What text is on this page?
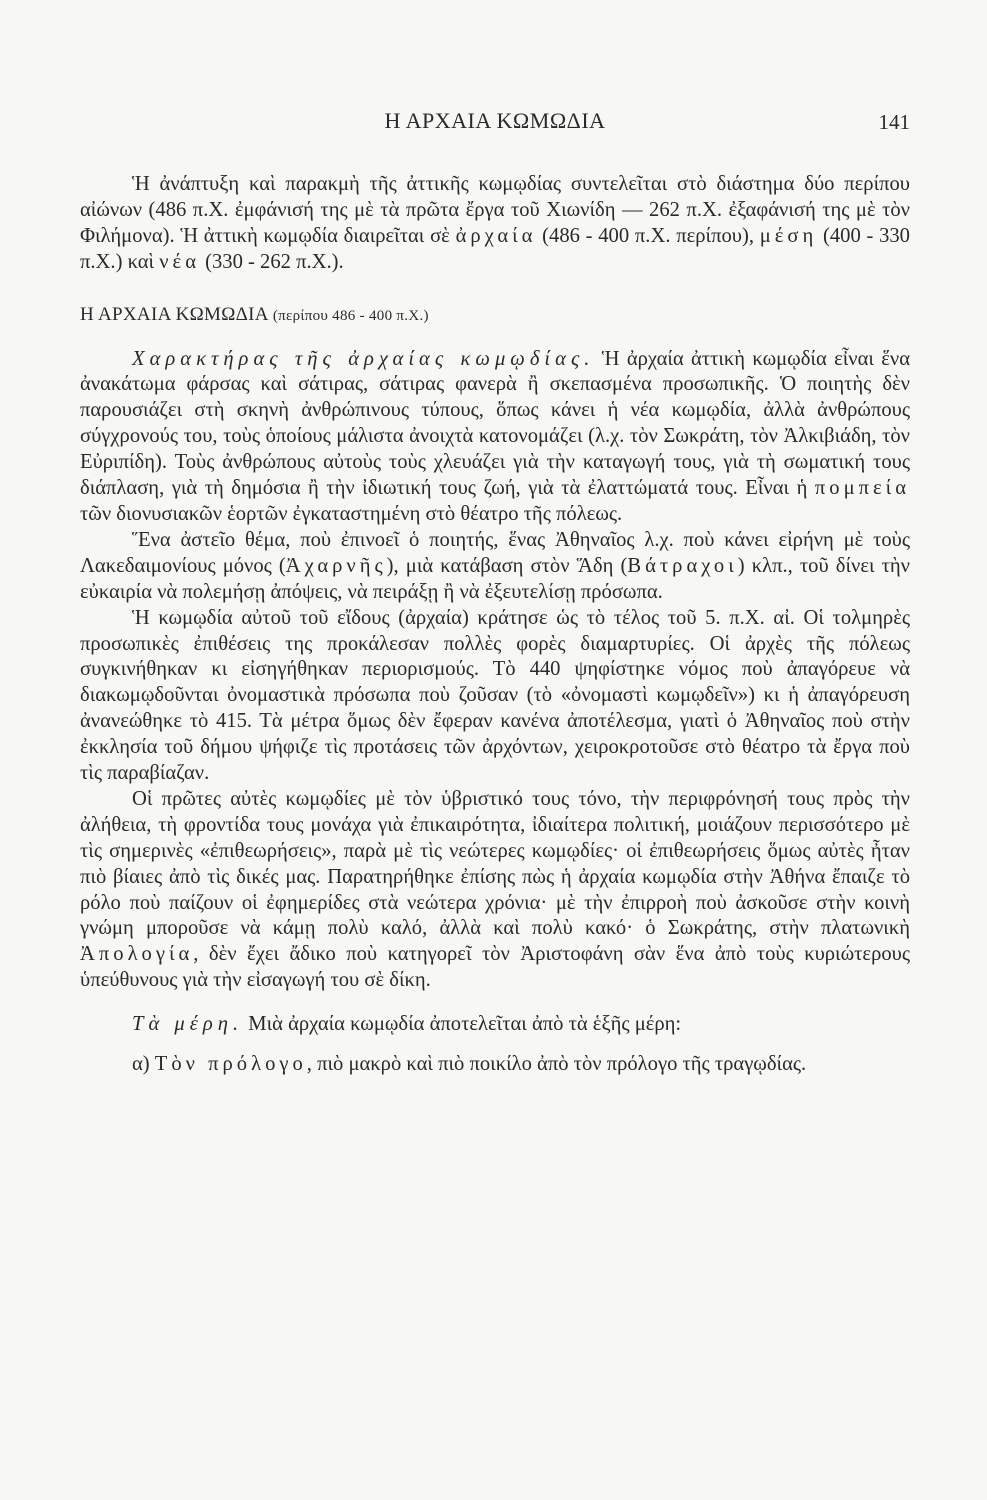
Η ΑΡΧΑΙΑ ΚΩΜΩΔΙΑ	141

Ἡ ἀνάπτυξη καὶ παρακμὴ τῆς ἀττικῆς κωμῳδίας συντελεῖται στὸ διάστημα δύο περίπου αἰώνων (486 π.Χ. ἐμφάνισή της μὲ τὰ πρῶτα ἔργα τοῦ Χιωνίδη — 262 π.Χ. ἐξαφάνισή της μὲ τὸν Φιλήμονα). Ἡ ἀττικὴ κωμῳδία διαιρεῖται σὲ ἀρχαία (486 - 400 π.Χ. περίπου), μέση (400 - 330 π.Χ.) καὶ νέα (330 - 262 π.Χ.).

Η ΑΡΧΑΙΑ ΚΩΜΩΔΙΑ (περίπου 486 - 400 π.Χ.)

Χαρακτήρας τῆς ἀρχαίας κωμῳδίας. Ἡ ἀρχαία ἀττικὴ κωμῳδία εἶναι ἕνα ἀνακάτωμα φάρσας καὶ σάτιρας, σάτιρας φανερὰ ἢ σκεπασμένα προσωπικῆς. Ὁ ποιητὴς δὲν παρουσιάζει στὴ σκηνὴ ἀνθρώπινους τύπους, ὅπως κάνει ἡ νέα κωμῳδία, ἀλλὰ ἀνθρώπους σύγχρονούς του, τοὺς ὁποίους μάλιστα ἀνοιχτὰ κατονομάζει (λ.χ. τὸν Σωκράτη, τὸν Ἀλκιβιάδη, τὸν Εὐριπίδη). Τοὺς ἀνθρώπους αὐτοὺς τοὺς χλευάζει γιὰ τὴν καταγωγή τους, γιὰ τὴ σωματική τους διάπλαση, γιὰ τὴ δημόσια ἢ τὴν ἰδιωτική τους ζωή, γιὰ τὰ ἐλαττώματά τους. Εἶναι ἡ πομπεία τῶν διονυσιακῶν ἑορτῶν ἐγκαταστημένη στὸ θέατρο τῆς πόλεως.

Ἕνα ἀστεῖο θέμα, ποὺ ἐπινοεῖ ὁ ποιητής, ἕνας Ἀθηναῖος λ.χ. ποὺ κάνει εἰρήνη μὲ τοὺς Λακεδαιμονίους μόνος (Ἀχαρνῆς), μιὰ κατάβαση στὸν Ἅδη (Βάτραχοι) κλπ., τοῦ δίνει τὴν εὐκαιρία νὰ πολεμήσῃ ἀπόψεις, νὰ πειράξῃ ἢ νὰ ἐξευτελίσῃ πρόσωπα.

Ἡ κωμῳδία αὐτοῦ τοῦ εἴδους (ἀρχαία) κράτησε ὡς τὸ τέλος τοῦ 5. π.Χ. αἰ. Οἱ τολμηρὲς προσωπικὲς ἐπιθέσεις της προκάλεσαν πολλὲς φορὲς διαμαρτυρίες. Οἱ ἀρχὲς τῆς πόλεως συγκινήθηκαν κι εἰσηγήθηκαν περιορισμούς. Τὸ 440 ψηφίστηκε νόμος ποὺ ἀπαγόρευε νὰ διακωμῳδοῦνται ὀνομαστικὰ πρόσωπα ποὺ ζοῦσαν (τὸ «ὀνομαστὶ κωμῳδεῖν») κι ἡ ἀπαγόρευση ἀνανεώθηκε τὸ 415. Τὰ μέτρα ὅμως δὲν ἔφεραν κανένα ἀποτέλεσμα, γιατὶ ὁ Ἀθηναῖος ποὺ στὴν ἐκκλησία τοῦ δήμου ψήφιζε τὶς προτάσεις τῶν ἀρχόντων, χειροκροτοῦσε στὸ θέατρο τὰ ἔργα ποὺ τὶς παραβίαζαν.

Οἱ πρῶτες αὐτὲς κωμῳδίες μὲ τὸν ὑβριστικό τους τόνο, τὴν περιφρόνησή τους πρὸς τὴν ἀλήθεια, τὴ φροντίδα τους μονάχα γιὰ ἐπικαιρότητα, ἰδιαίτερα πολιτική, μοιάζουν περισσότερο μὲ τὶς σημερινὲς «ἐπιθεωρήσεις», παρὰ μὲ τὶς νεώτερες κωμῳδίες· οἱ ἐπιθεωρήσεις ὅμως αὐτὲς ἦταν πιὸ βίαιες ἀπὸ τὶς δικές μας. Παρατηρήθηκε ἐπίσης πὼς ἡ ἀρχαία κωμῳδία στὴν Ἀθήνα ἔπαιζε τὸ ρόλο ποὺ παίζουν οἱ ἐφημερίδες στὰ νεώτερα χρόνια· μὲ τὴν ἐπιρροὴ ποὺ ἀσκοῦσε στὴν κοινὴ γνώμη μποροῦσε νὰ κάμῃ πολὺ καλό, ἀλλὰ καὶ πολὺ κακό· ὁ Σωκράτης, στὴν πλατωνικὴ Ἀπολογία, δὲν ἔχει ἄδικο ποὺ κατηγορεῖ τὸν Ἀριστοφάνη σὰν ἕνα ἀπὸ τοὺς κυριώτερους ὑπεύθυνους γιὰ τὴν εἰσαγωγή του σὲ δίκη.

Τὰ μέρη. Μιὰ ἀρχαία κωμῳδία ἀποτελεῖται ἀπὸ τὰ ἑξῆς μέρη:

α) Τὸν πρόλογο, πιὸ μακρὸ καὶ πιὸ ποικίλο ἀπὸ τὸν πρόλογο τῆς τραγῳδίας.
